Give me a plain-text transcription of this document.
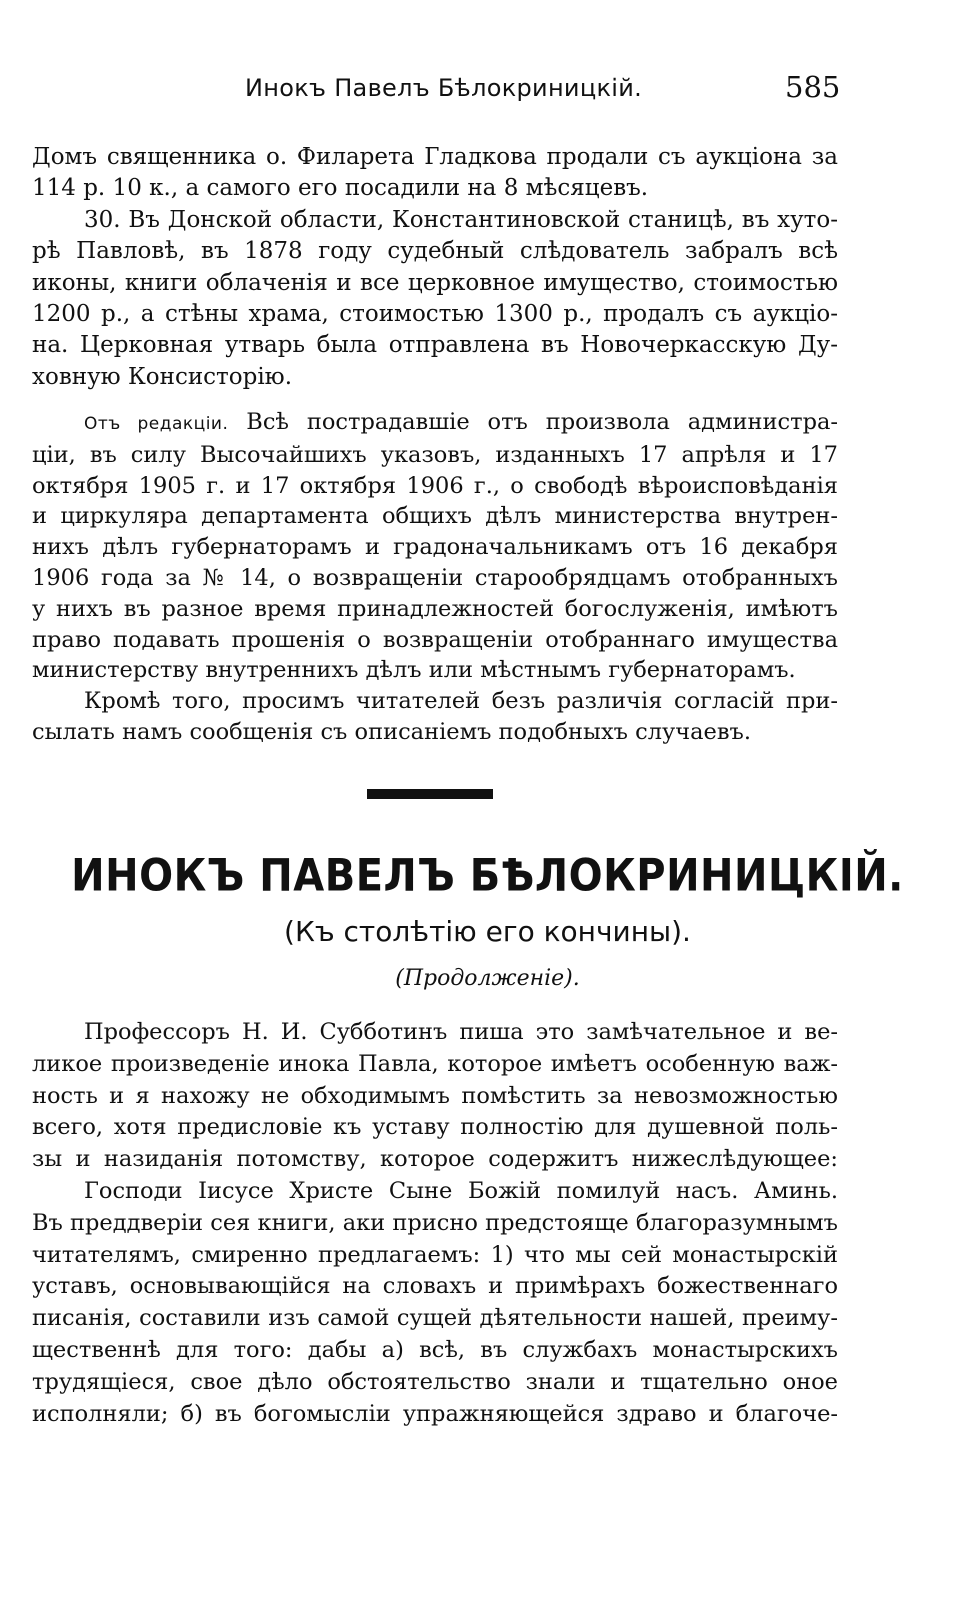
Инокъ Павелъ Бѣлокриницкій.	585
Домъ священника о. Филарета Гладкова продали съ аукціона за
114 р. 10 к., а самого его посадили на 8 мѣсяцевъ.
30. Въ Донской области, Константиновской станицѣ, въ хуто-
рѣ Павловѣ, въ 1878 году судебный слѣдователь забралъ всѣ
иконы, книги облаченія и все церковное имущество, стоимостью
1200 р., а стѣны храма, стоимостью 1300 р., продалъ съ аукціо-
на. Церковная утварь была отправлена въ Новочеркасскую Ду-
ховную Консисторію.
Отъ редакціи. Всѣ пострадавшіе отъ произвола администра-
ціи, въ силу Высочайшихъ указовъ, изданныхъ 17 апрѣля и 17
октября 1905 г. и 17 октября 1906 г., о свободѣ вѣроисповѣданія
и циркуляра департамента общихъ дѣлъ министерства внутрен-
нихъ дѣлъ губернаторамъ и градоначальникамъ отъ 16 декабря
1906 года за № 14, о возвращеніи старообрядцамъ отобранныхъ
у нихъ въ разное время принадлежностей богослуженія, имѣютъ
право подавать прошенія о возвращеніи отобраннаго имущества
министерству внутреннихъ дѣлъ или мѣстнымъ губернаторамъ.
Кромѣ того, просимъ читателей безъ различія согласій при-
сылать намъ сообщенія съ описаніемъ подобныхъ случаевъ.
ИНОКЪ ПАВЕЛЪ БѢЛОКРИНИЦКІЙ.
(Къ столѣтію его кончины).
(Продолженіе).
Профессоръ Н. И. Субботинъ пиша это замѣчательное и ве-
ликое произведеніе инока Павла, которое имѣетъ особенную важ-
ность и я нахожу не обходимымъ помѣстить за невозможностью
всего, хотя предисловіе къ уставу полностію для душевной поль-
зы и назиданія потомству, которое содержитъ нижеслѣдующее:
Господи Іисусе Христе Сыне Божій помилуй насъ. Аминь.
Въ преддверіи сея книги, аки присно предстоящe благоразумнымъ
читателямъ, смиренно предлагаемъ: 1) что мы сей монастырскій
уставъ, основывающійся на словахъ и примѣрахъ божественнаго
писанія, составили изъ самой сущей дѣятельности нашей, преиму-
щественнѣ для того: дабы а) всѣ, въ службахъ монастырскихъ
трудящіеся, свое дѣло обстоятельство знали и тщательно оное
исполняли; б) въ богомысліи упражняющейся здраво и благоче-
